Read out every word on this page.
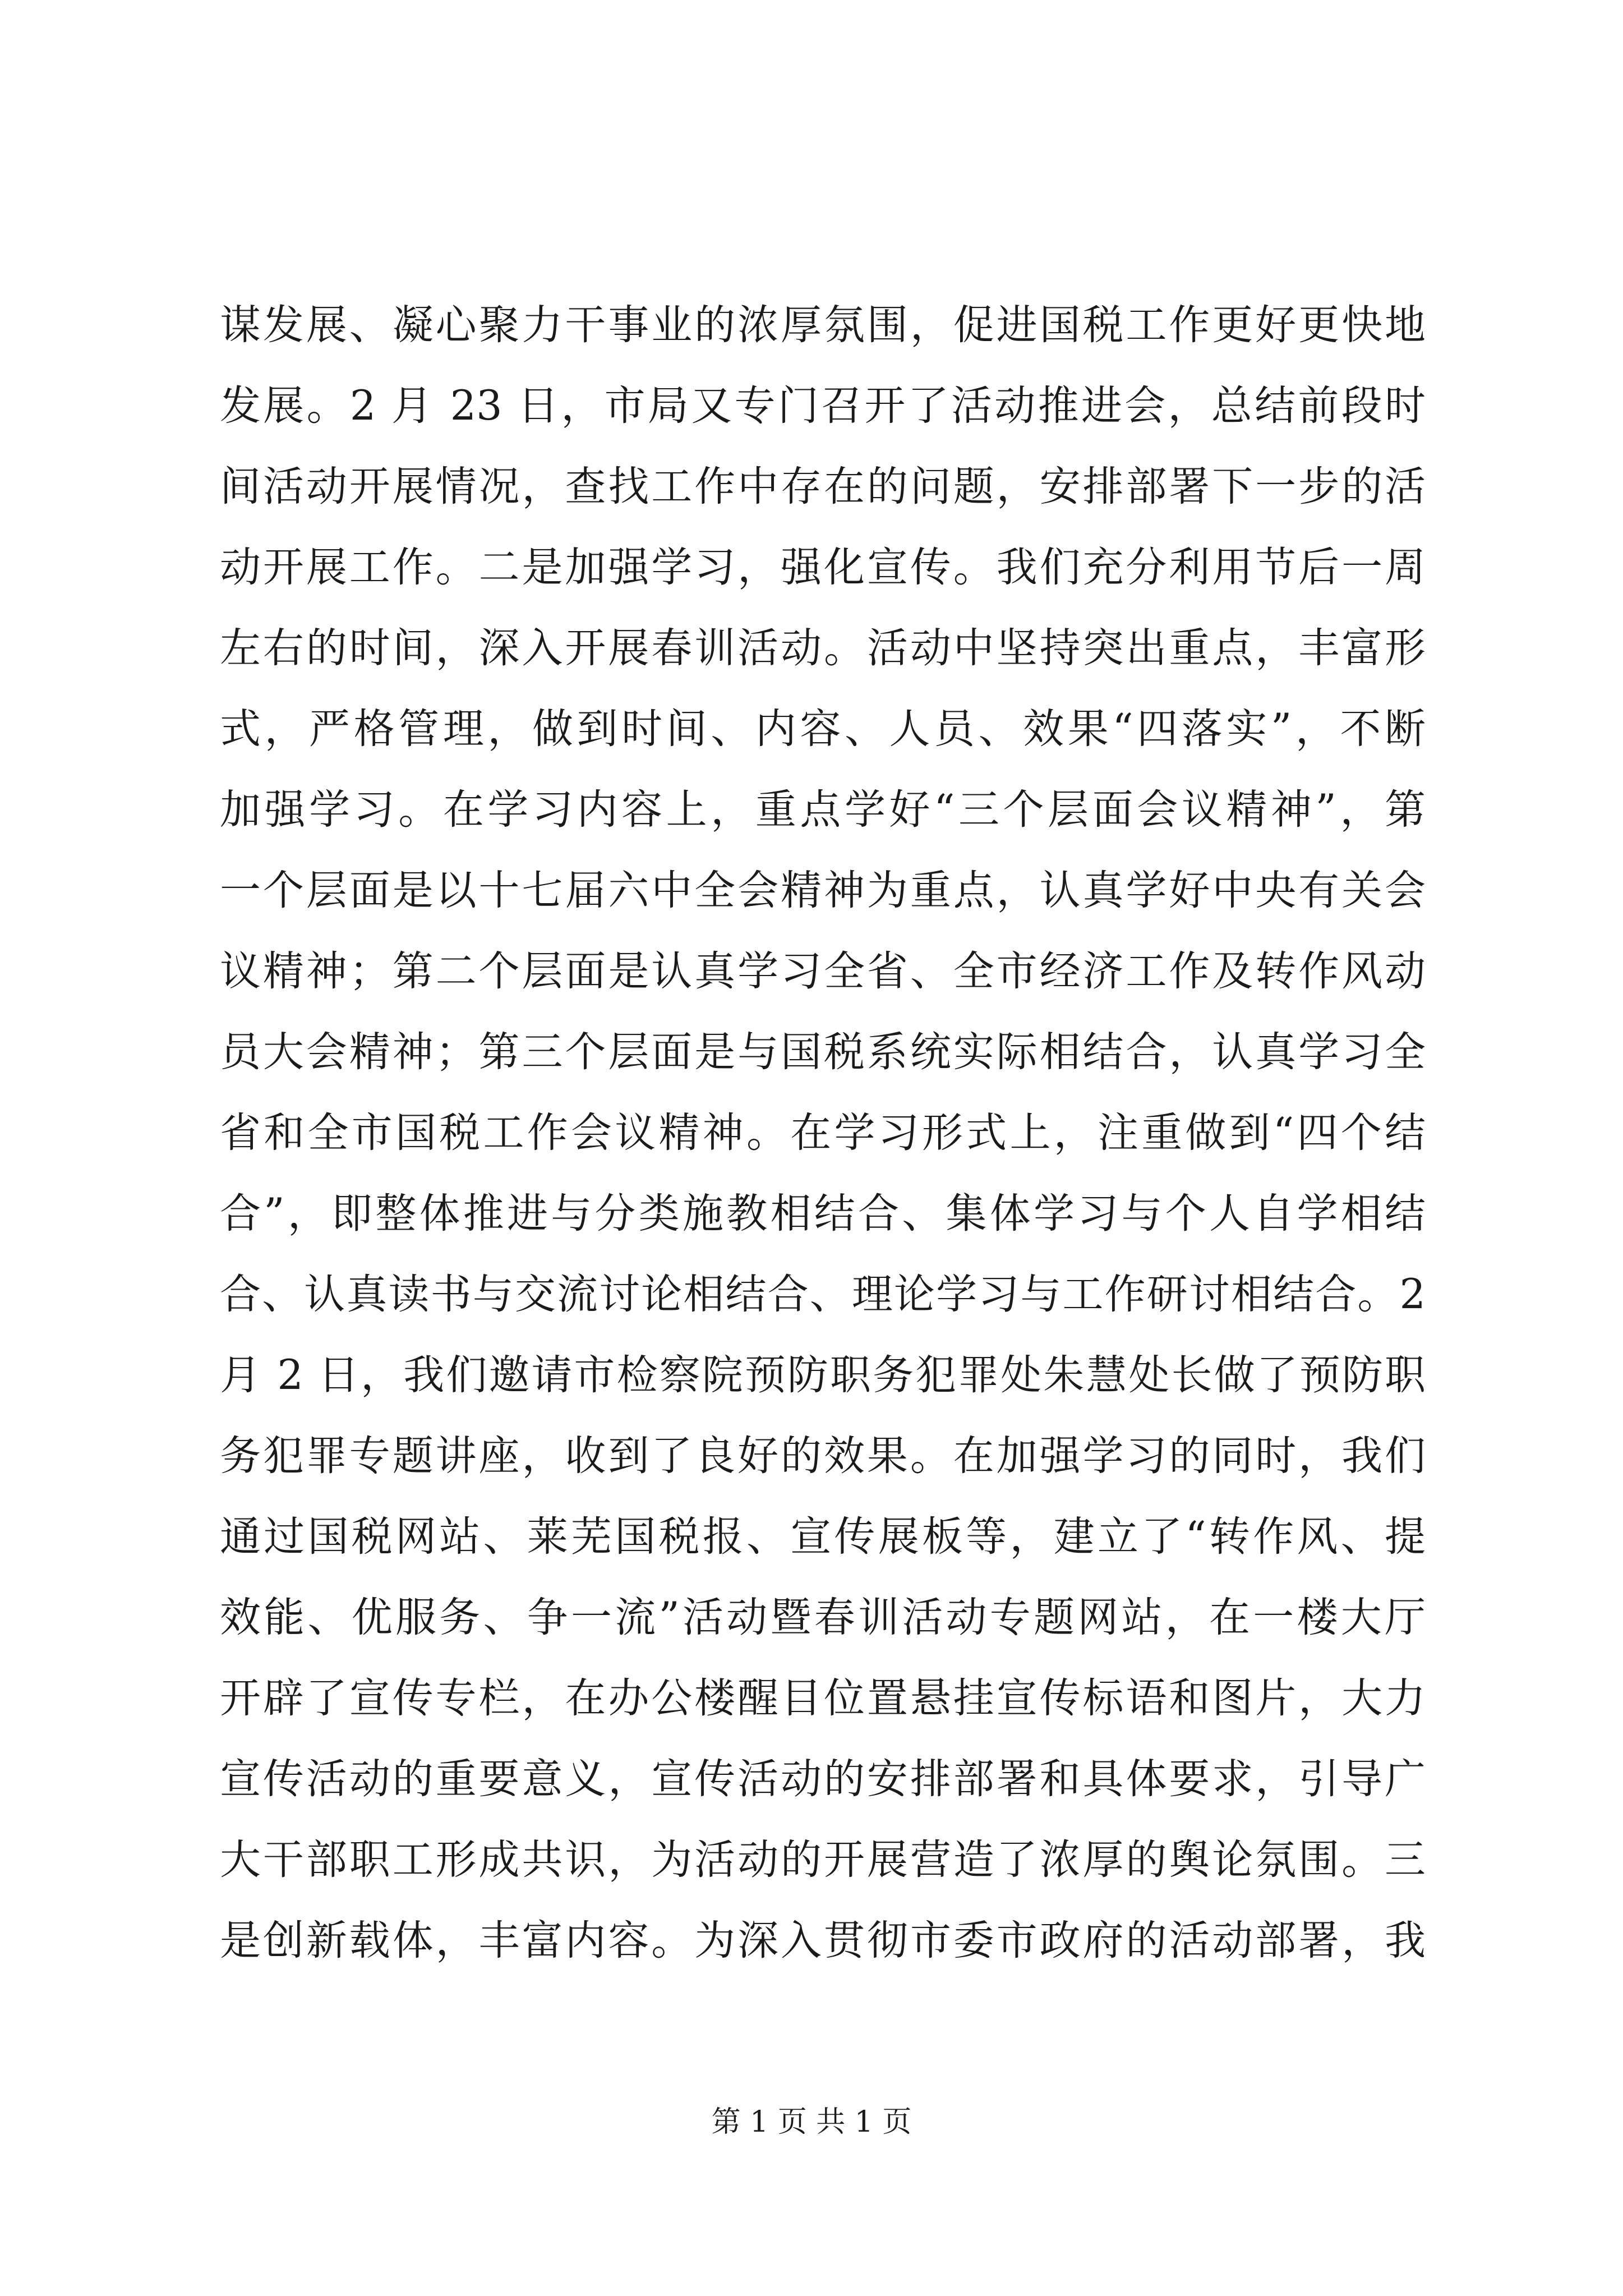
谋发展、凝心聚力干事业的浓厚氛围，促进国税工作更好更快地
发展。2 月 23 日，市局又专门召开了活动推进会，总结前段时
间活动开展情况，查找工作中存在的问题，安排部署下一步的活
动开展工作。二是加强学习，强化宣传。我们充分利用节后一周
左右的时间，深入开展春训活动。活动中坚持突出重点，丰富形
式，严格管理，做到时间、内容、人员、效果“四落实”，不断
加强学习。在学习内容上，重点学好“三个层面会议精神”，第
一个层面是以十七届六中全会精神为重点，认真学好中央有关会
议精神；第二个层面是认真学习全省、全市经济工作及转作风动
员大会精神；第三个层面是与国税系统实际相结合，认真学习全
省和全市国税工作会议精神。在学习形式上，注重做到“四个结
合”，即整体推进与分类施教相结合、集体学习与个人自学相结
合、认真读书与交流讨论相结合、理论学习与工作研讨相结合。2
月 2 日，我们邀请市检察院预防职务犯罪处朱慧处长做了预防职
务犯罪专题讲座，收到了良好的效果。在加强学习的同时，我们
通过国税网站、莱芜国税报、宣传展板等，建立了“转作风、提
效能、优服务、争一流”活动暨春训活动专题网站，在一楼大厅
开辟了宣传专栏，在办公楼醒目位置悬挂宣传标语和图片，大力
宣传活动的重要意义，宣传活动的安排部署和具体要求，引导广
大干部职工形成共识，为活动的开展营造了浓厚的舆论氛围。三
是创新载体，丰富内容。为深入贯彻市委市政府的活动部署，我
第 1 页 共 1 页
